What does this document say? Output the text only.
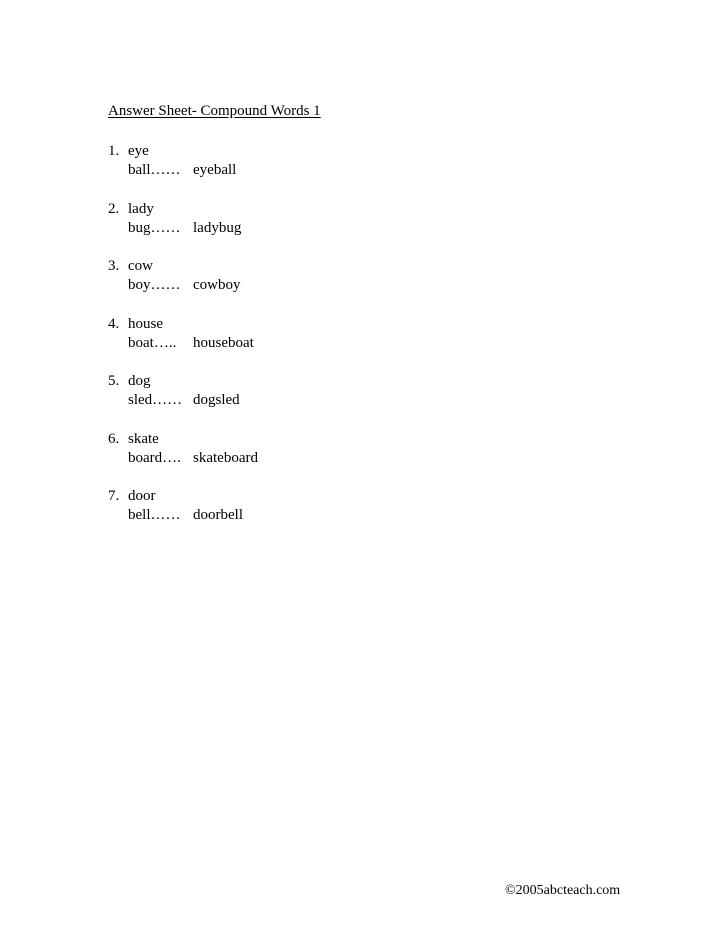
Answer Sheet- Compound Words 1
1. eye
ball…… eyeball
2. lady
bug…… ladybug
3. cow
boy…… cowboy
4. house
boat….. houseboat
5. dog
sled…… dogsled
6. skate
board…. skateboard
7. door
bell…… doorbell
©2005abcteach.com
